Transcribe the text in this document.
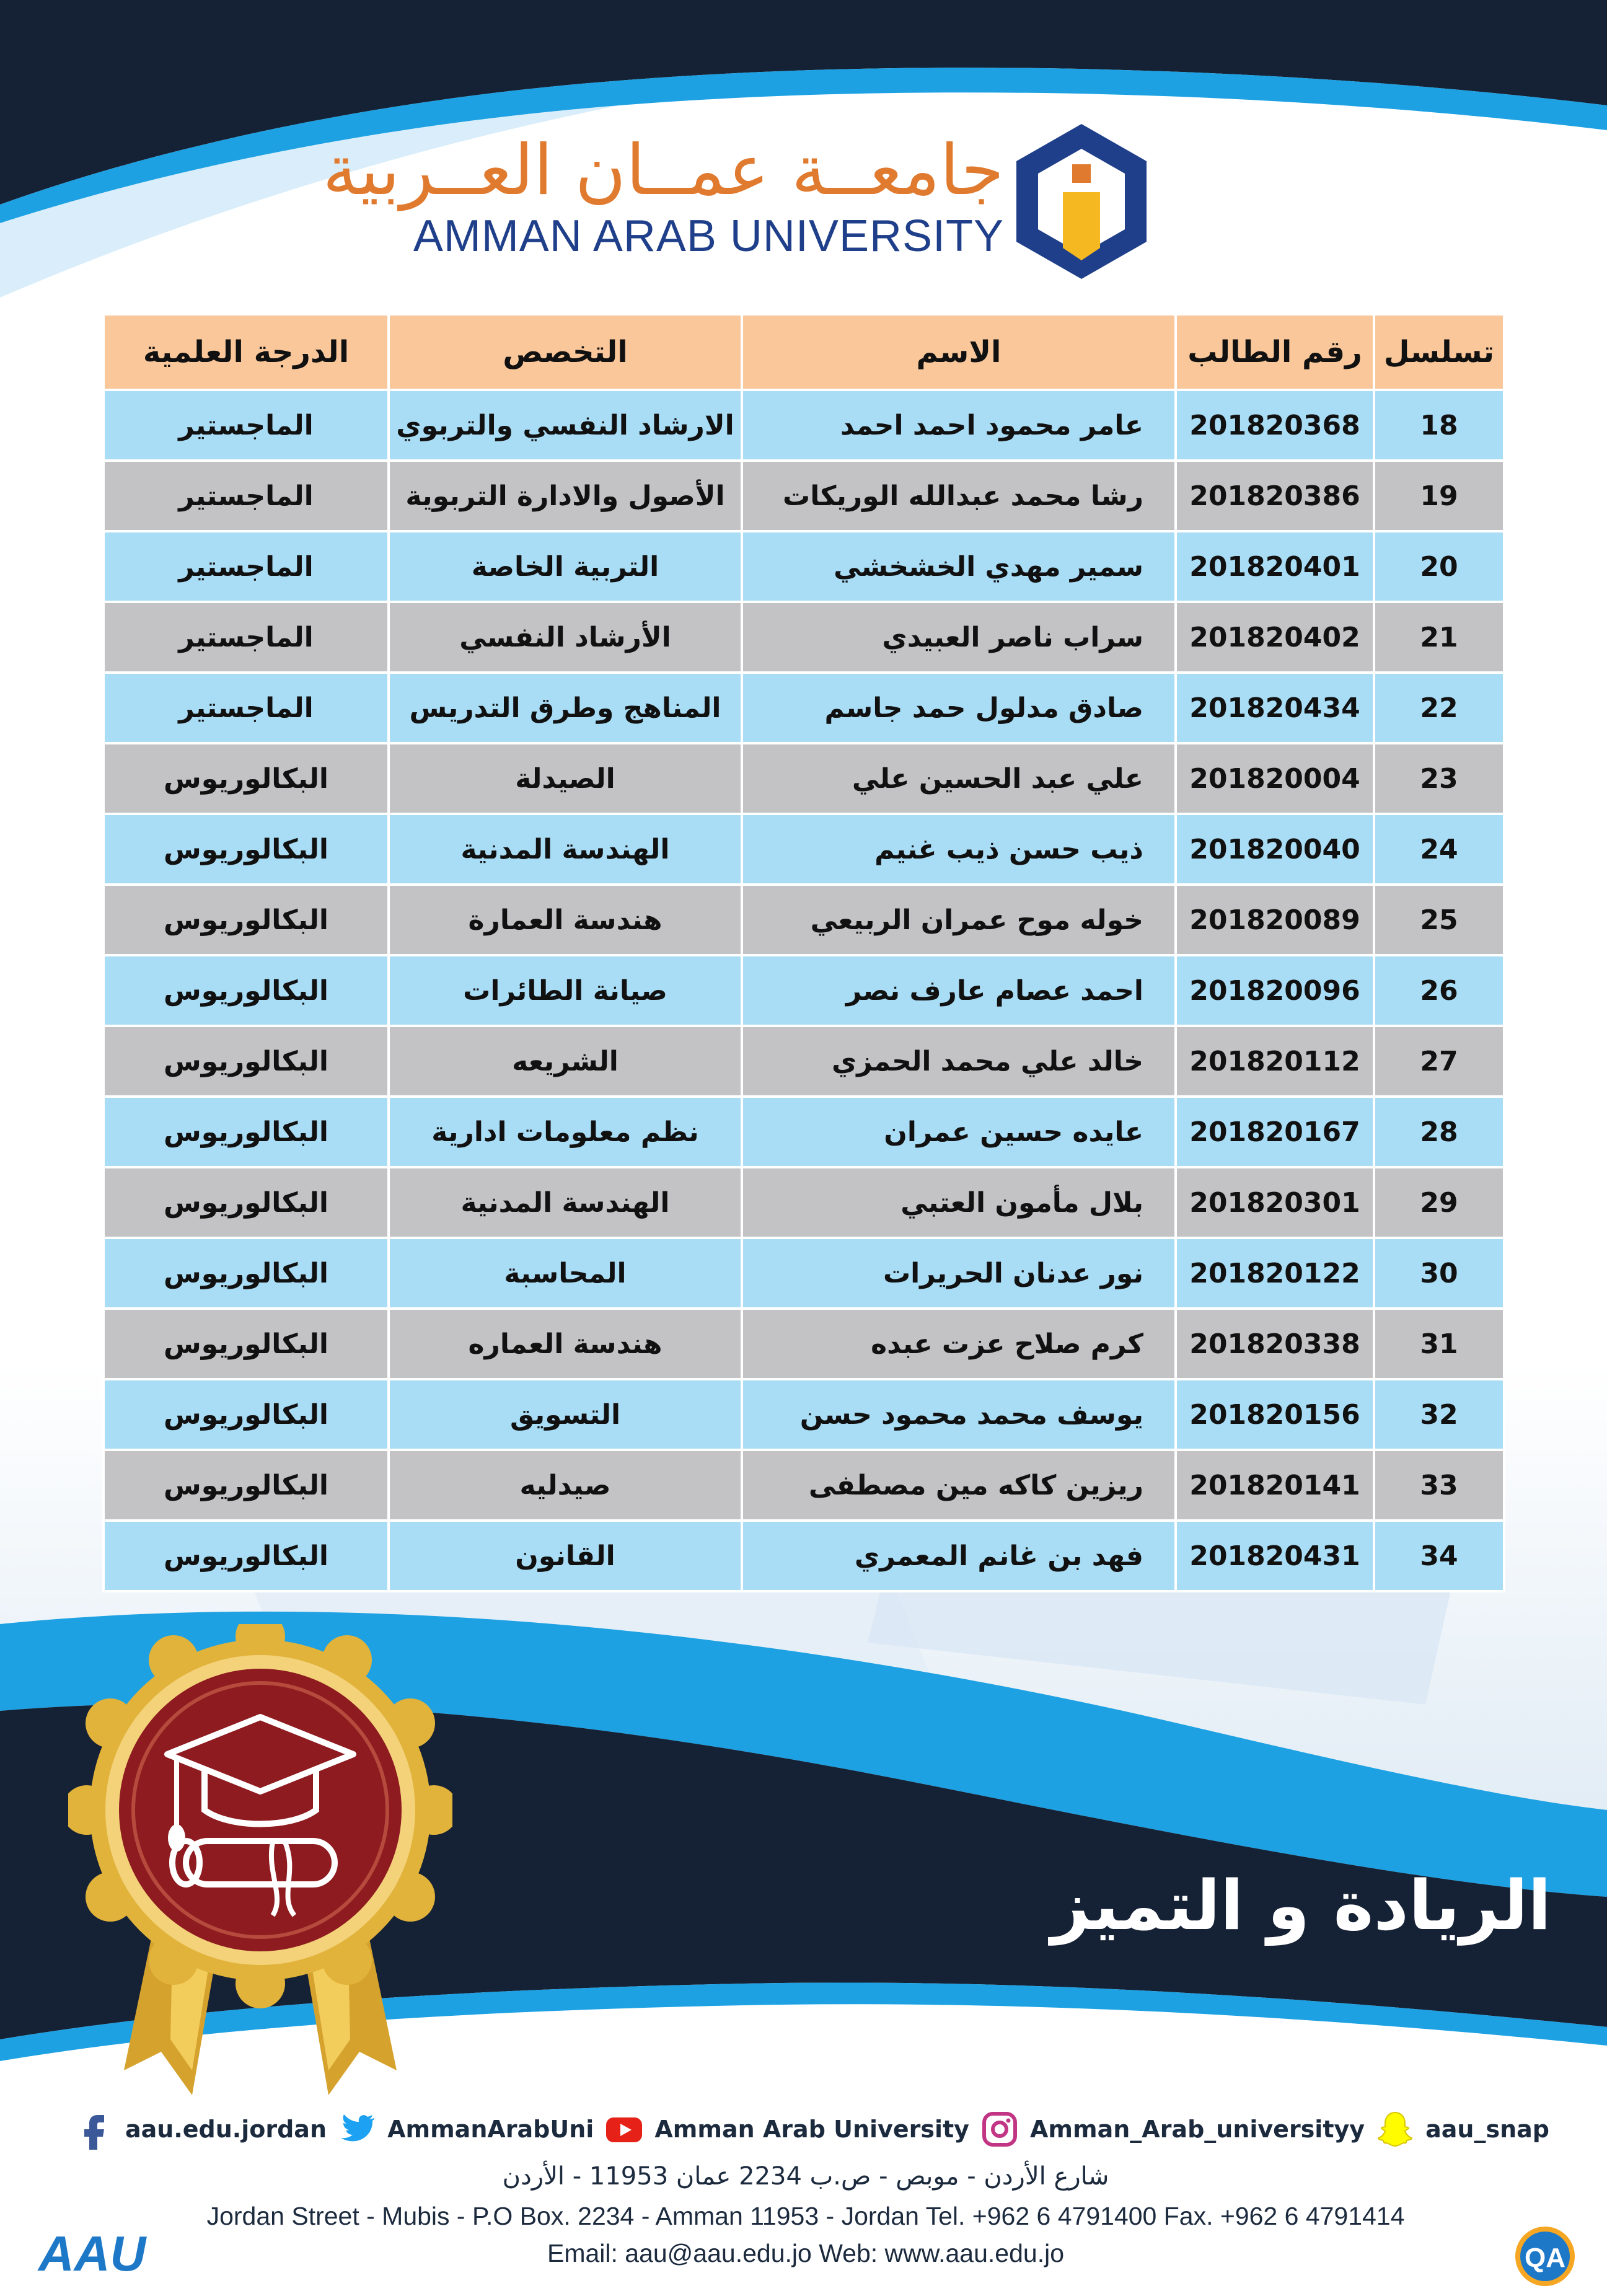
جامعــة عمــان العــربية
AMMAN ARAB UNIVERSITY
تسلسل	رقم الطالب	الاسم	التخصص	الدرجة العلمية
18	201820368	عامر محمود احمد احمد	الارشاد النفسي والتربوي	الماجستير
19	201820386	رشا محمد عبدالله الوريكات	الأصول والادارة التربوية	الماجستير
20	201820401	سمير مهدي الخشخشي	التربية الخاصة	الماجستير
21	201820402	سراب ناصر العبيدي	الأرشاد النفسي	الماجستير
22	201820434	صادق مدلول حمد جاسم	المناهج وطرق التدريس	الماجستير
23	201820004	علي عبد الحسين علي	الصيدلة	البكالوريوس
24	201820040	ذيب حسن ذيب غنيم	الهندسة المدنية	البكالوريوس
25	201820089	خوله موح عمران الربيعي	هندسة العمارة	البكالوريوس
26	201820096	احمد عصام عارف نصر	صيانة الطائرات	البكالوريوس
27	201820112	خالد علي محمد الحمزي	الشريعه	البكالوريوس
28	201820167	عايده حسين عمران	نظم معلومات ادارية	البكالوريوس
29	201820301	بلال مأمون العتبي	الهندسة المدنية	البكالوريوس
30	201820122	نور عدنان الحريرات	المحاسبة	البكالوريوس
31	201820338	كرم صلاح عزت عبده	هندسة العماره	البكالوريوس
32	201820156	يوسف محمد محمود حسن	التسويق	البكالوريوس
33	201820141	ريزين كاكه مين مصطفى	صيدليه	البكالوريوس
34	201820431	فهد بن غانم المعمري	القانون	البكالوريوس
الريادة و التميز
aau.edu.jordan	AmmanArabUni	Amman Arab University	Amman_Arab_universityy	aau_snap
شارع الأردن - موبص - ص.ب 2234 عمان 11953 - الأردن
Jordan Street - Mubis - P.O Box. 2234 - Amman 11953 - Jordan Tel. +962 6 4791400 Fax. +962 6 4791414
Email: aau@aau.edu.jo Web: www.aau.edu.jo
AAU	QA
